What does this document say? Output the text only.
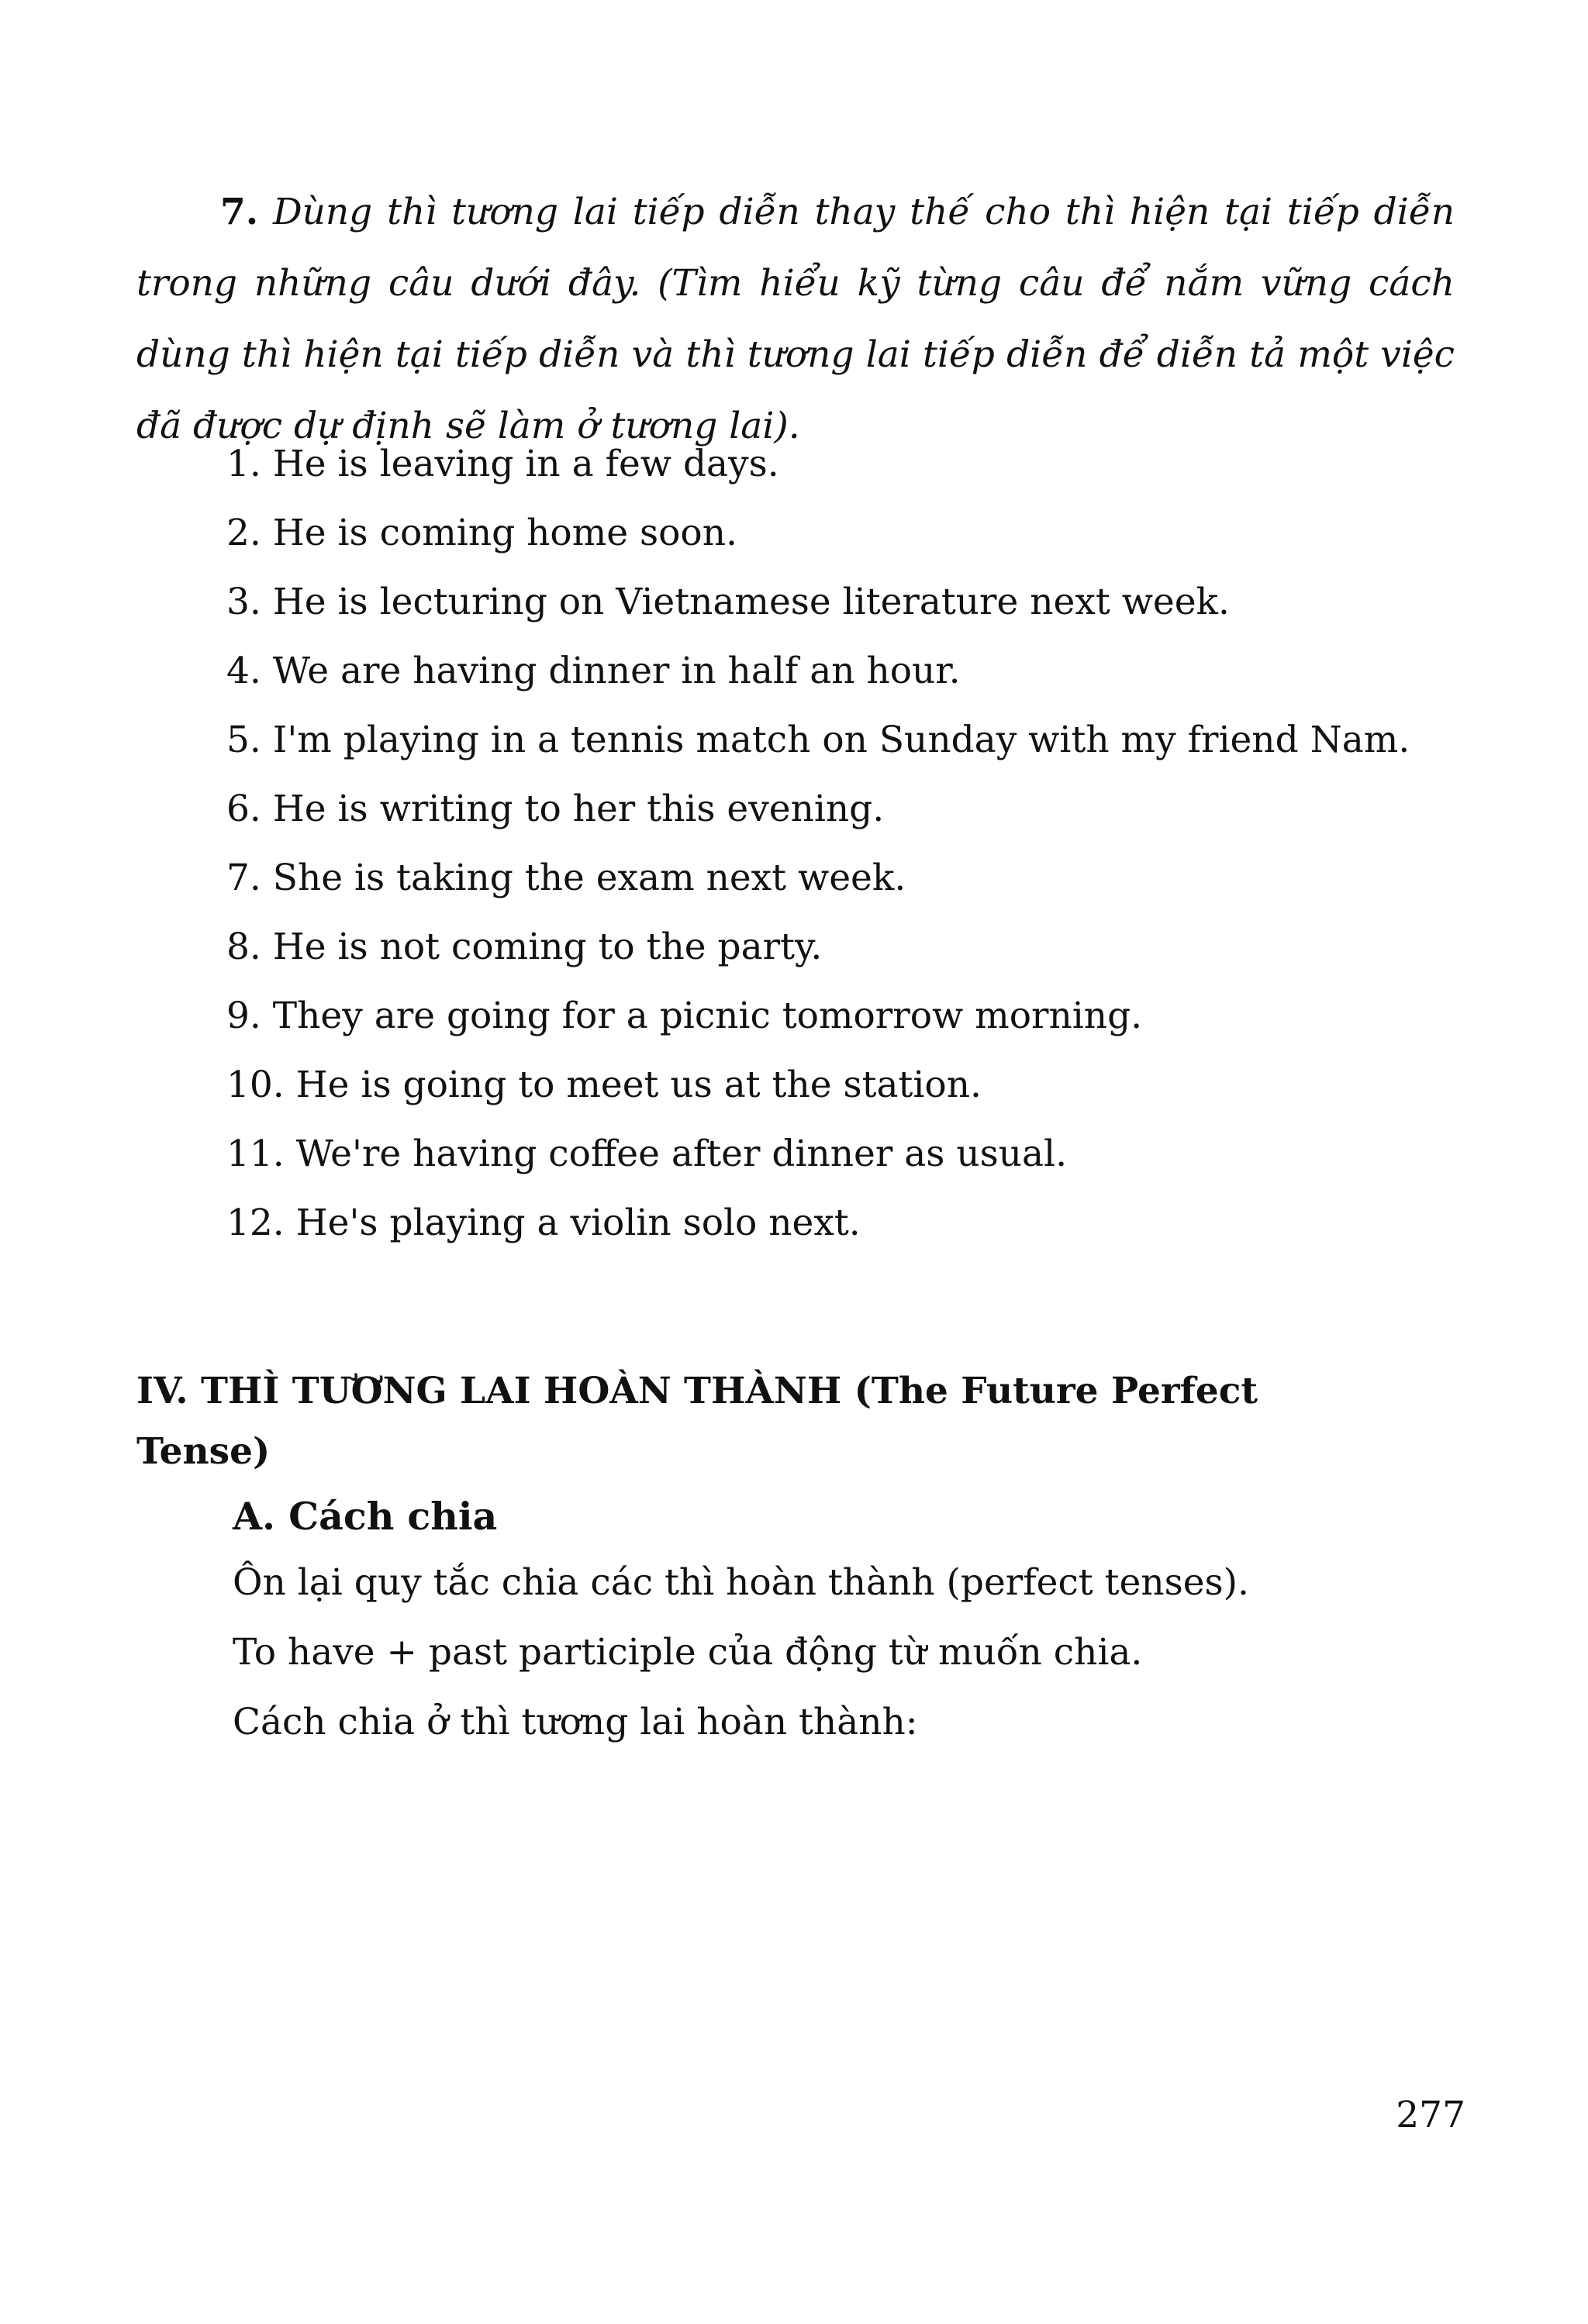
7. Dùng thì tương lai tiếp diễn thay thế cho thì hiện tại tiếp diễn trong những câu dưới đây. (Tìm hiểu kỹ từng câu để nắm vững cách dùng thì hiện tại tiếp diễn và thì tương lai tiếp diễn để diễn tả một việc đã được dự định sẽ làm ở tương lai).

1. He is leaving in a few days.
2. He is coming home soon.
3. He is lecturing on Vietnamese literature next week.
4. We are having dinner in half an hour.
5. I'm playing in a tennis match on Sunday with my friend Nam.
6. He is writing to her this evening.
7. She is taking the exam next week.
8. He is not coming to the party.
9. They are going for a picnic tomorrow morning.
10. He is going to meet us at the station.
11. We're having coffee after dinner as usual.
12. He's playing a violin solo next.
IV. THÌ TƯƠNG LAI HOÀN THÀNH (The Future Perfect Tense)
A. Cách chia

Ôn lại quy tắc chia các thì hoàn thành (perfect tenses).

To have + past participle của động từ muốn chia.

Cách chia ở thì tương lai hoàn thành:

277
